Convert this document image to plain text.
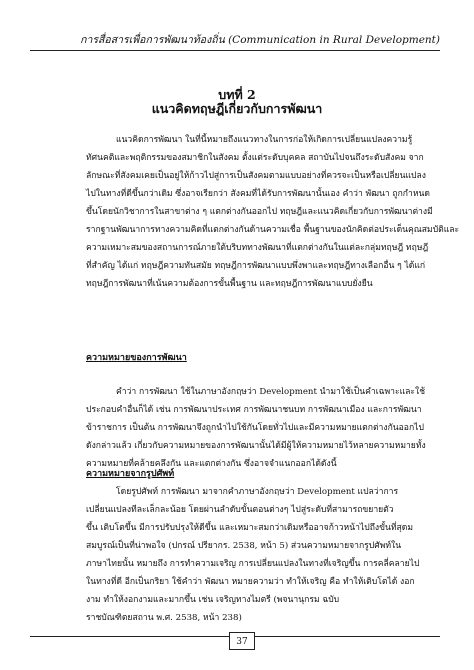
การสื่อสารเพื่อการพัฒนาท้องถิ่น (Communication in Rural Development)
บทที่ 2
แนวคิดทฤษฎีเกี่ยวกับการพัฒนา
แนวคิดการพัฒนา ในที่นี้หมายถึงแนวทางในการก่อให้เกิดการเปลี่ยนแปลงความรู้
ทัศนคติและพฤติกรรมของสมาชิกในสังคม ตั้งแต่ระดับบุคคล สถาบันไปจนถึงระดับสังคม จาก
ลักษณะที่สังคมเคยเป็นอยู่ให้ก้าวไปสู่การเป็นสังคมตามแบบอย่างที่ควรจะเป็นหรือเปลี่ยนแปลง
ไปในทางที่ดีขึ้นกว่าเดิม ซึ่งอาจเรียกว่า สังคมที่ได้รับการพัฒนานั้นเอง คำว่า พัฒนา ถูกกำหนด
ขึ้นโดยนักวิชาการในสาขาต่าง ๆ แตกต่างกันออกไป ทฤษฎีและแนวคิดเกี่ยวกับการพัฒนาต่างมี
รากฐานพัฒนาการทางความคิดที่แตกต่างกันด้านความเชื่อ พื้นฐานของนักคิดต่อประเด็นคุณสมบัติและ
ความเหมาะสมของสถานการณ์ภายใต้บริบททางพัฒนาที่แตกต่างกันในแต่ละกลุ่มทฤษฎี ทฤษฎี
ที่สำคัญ ได้แก่ ทฤษฎีความทันสมัย ทฤษฎีการพัฒนาแบบพึ่งพาและทฤษฎีทางเลือกอื่น ๆ ได้แก่
ทฤษฎีการพัฒนาที่เน้นความต้องการขั้นพื้นฐาน และทฤษฎีการพัฒนาแบบยั่งยืน
ความหมายของการพัฒนา
คำว่า การพัฒนา ใช้ในภาษาอังกฤษว่า Development นำมาใช้เป็นคำเฉพาะและใช้
ประกอบคำอื่นก็ได้ เช่น การพัฒนาประเทศ การพัฒนาชนบท การพัฒนาเมือง และการพัฒนา
ข้าราชการ เป็นต้น การพัฒนาจึงถูกนำไปใช้กันโดยทั่วไปและมีความหมายแตกต่างกันออกไป
ดังกล่าวแล้ว เกี่ยวกับความหมายของการพัฒนานั้นได้มีผู้ให้ความหมายไว้หลายความหมายทั้ง
ความหมายที่คล้ายคลึงกัน และแตกต่างกัน ซึ่งอาจจำแนกออกได้ดังนี้
ความหมายจากรูปศัพท์
โดยรูปศัพท์ การพัฒนา มาจากคำภาษาอังกฤษว่า Development แปลว่าการ
เปลี่ยนแปลงทีละเล็กละน้อย โดยผ่านลำดับขั้นตอนต่างๆ ไปสู่ระดับที่สามารถขยายตัว
ขึ้น เติบโตขึ้น มีการปรับปรุงให้ดีขึ้น และเหมาะสมกว่าเดิมหรืออาจก้าวหน้าไปถึงขั้นที่สุดม
สมบูรณ์เป็นที่น่าพอใจ (ปกรณ์ ปรียากร. 2538, หน้า 5) ส่วนความหมายจากรูปศัพท์ใน
ภาษาไทยนั้น หมายถึง การทำความเจริญ การเปลี่ยนแปลงในทางที่เจริญขึ้น การคลี่คลายไป
ในทางที่ดี อีกเป็นกริยา ใช้คำว่า พัฒนา หมายความว่า ทำให้เจริญ คือ ทำให้เติบโตได้ งอก
งาม ทำให้งอกงามและมากขึ้น เช่น เจริญทางไมตรี (พจนานุกรม ฉบับ
ราชบัณฑิตยสถาน พ.ศ. 2538, หน้า 238)
37
